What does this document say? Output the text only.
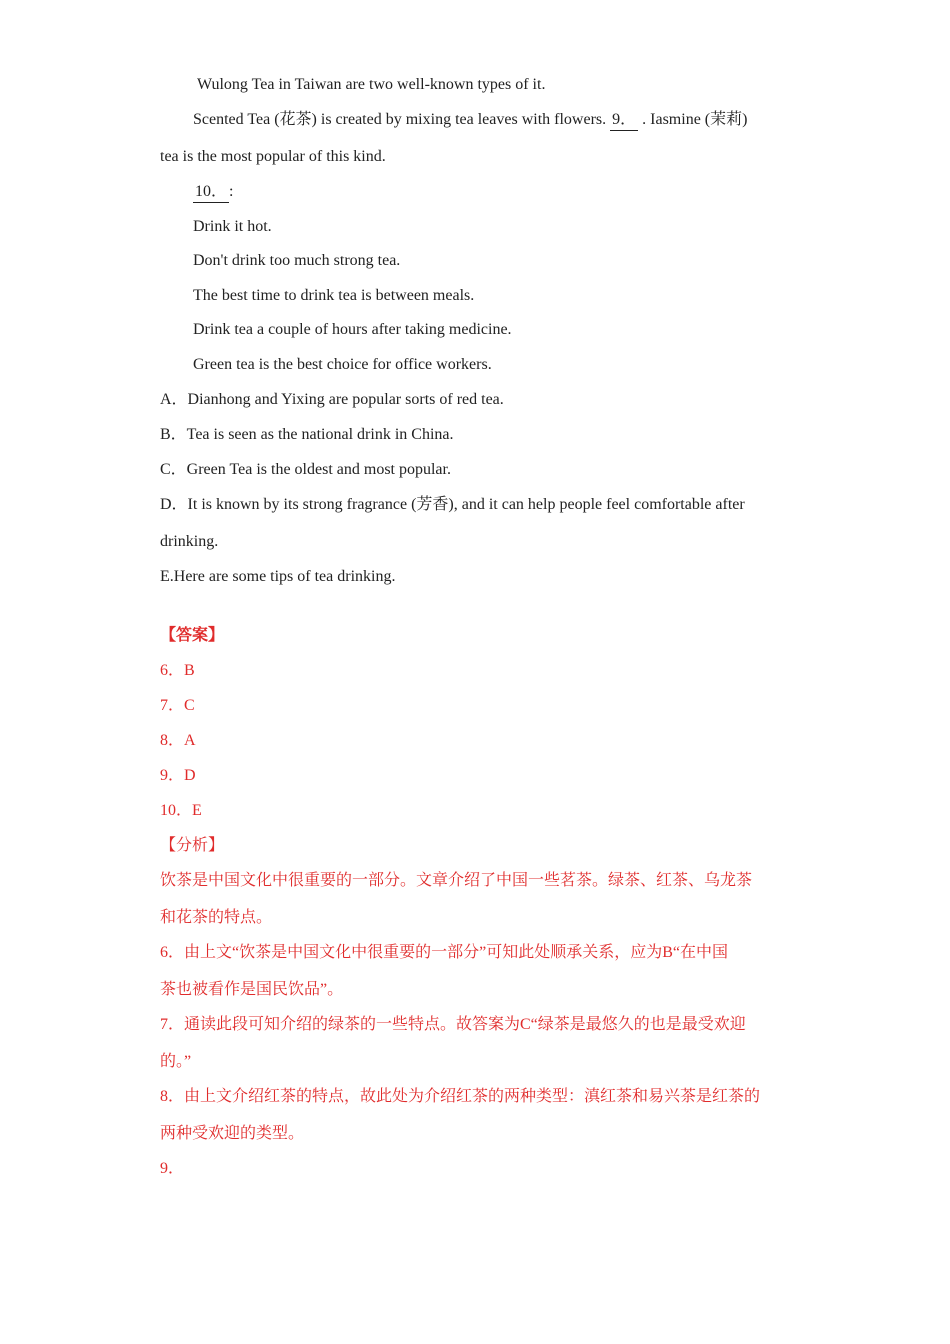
Wulong Tea in Taiwan are two well-known types of it.
Scented Tea (花茶) is created by mixing tea leaves with flowers. 9． . Iasmine (茉莉)
tea is the most popular of this kind.
10． :
Drink it hot.
Don't drink too much strong tea.
The best time to drink tea is between meals.
Drink tea a couple of hours after taking medicine.
Green tea is the best choice for office workers.
A．Dianhong and Yixing are popular sorts of red tea.
B．Tea is seen as the national drink in China.
C．Green Tea is the oldest and most popular.
D．It is known by its strong fragrance (芳香), and it can help people feel comfortable after
drinking.
E.Here are some tips of tea drinking.
【答案】
6．B
7．C
8．A
9．D
10．E
【分析】
饮茶是中国文化中很重要的一部分。文章介绍了中国一些茗茶。绿茶、红茶、乌龙茶
和花茶的特点。
6．由上文“饮茶是中国文化中很重要的一部分”可知此处顺承关系，应为B“在中国
茶也被看作是国民饮品”。
7．通读此段可知介绍的绿茶的一些特点。故答案为C“绿茶是最悠久的也是最受欢迎
的。”
8．由上文介绍红茶的特点，故此处为介绍红茶的两种类型：滇红茶和易兴茶是红茶的
两种受欢迎的类型。
9．
